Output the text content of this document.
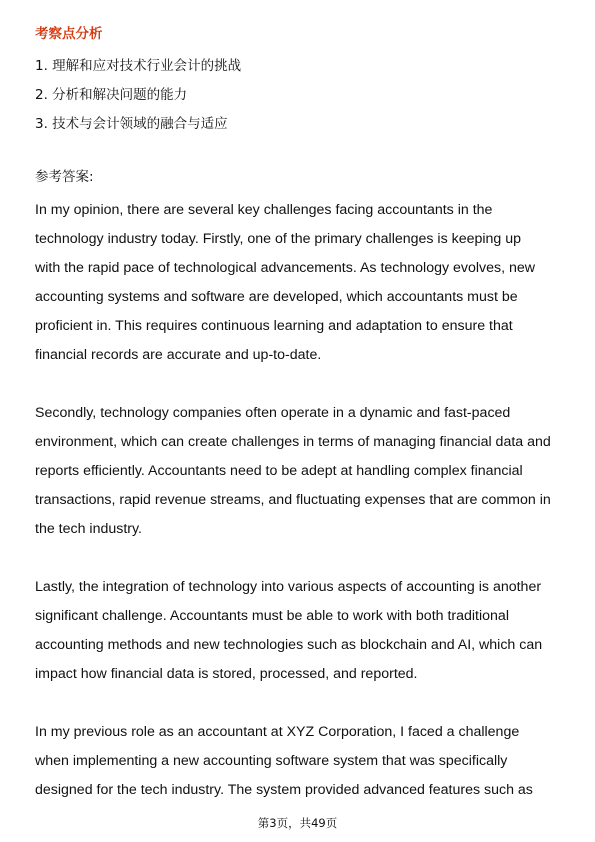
考察点分析
1. 理解和应对技术行业会计的挑战
2. 分析和解决问题的能力
3. 技术与会计领域的融合与适应
参考答案:

In my opinion, there are several key challenges facing accountants in the
technology industry today. Firstly, one of the primary challenges is keeping up
with the rapid pace of technological advancements. As technology evolves, new
accounting systems and software are developed, which accountants must be
proficient in. This requires continuous learning and adaptation to ensure that
financial records are accurate and up-to-date.

Secondly, technology companies often operate in a dynamic and fast-paced
environment, which can create challenges in terms of managing financial data and
reports efficiently. Accountants need to be adept at handling complex financial
transactions, rapid revenue streams, and fluctuating expenses that are common in
the tech industry.

Lastly, the integration of technology into various aspects of accounting is another
significant challenge. Accountants must be able to work with both traditional
accounting methods and new technologies such as blockchain and AI, which can
impact how financial data is stored, processed, and reported.

In my previous role as an accountant at XYZ Corporation, I faced a challenge
when implementing a new accounting software system that was specifically
designed for the tech industry. The system provided advanced features such as

第3页，共49页
